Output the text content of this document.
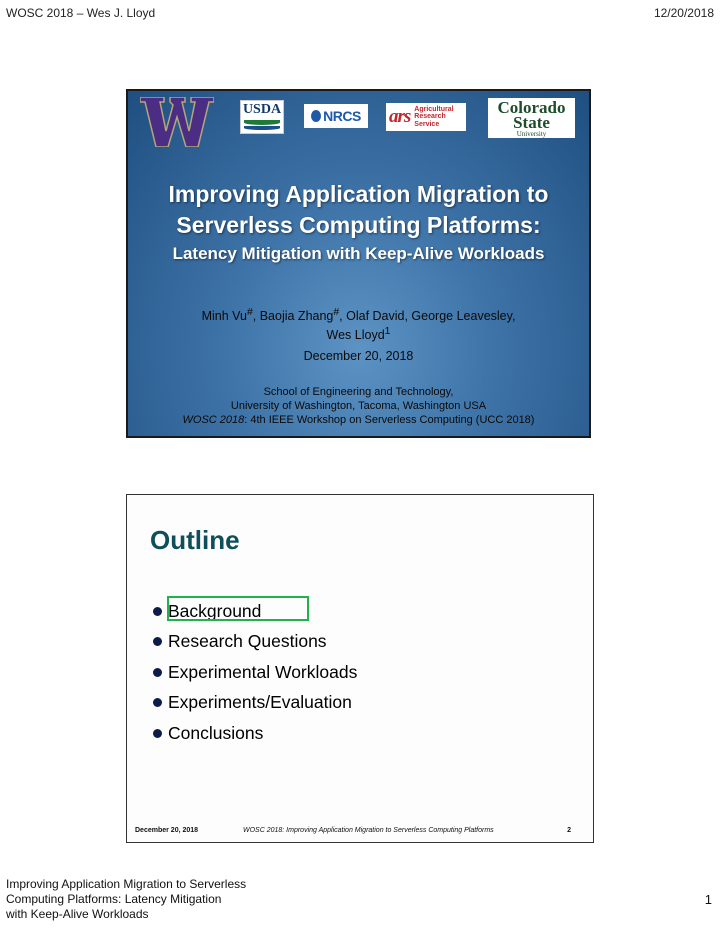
WOSC 2018 – Wes J. Lloyd	12/20/2018
USDA	NRCS ars Agricultural
Research
Service
Colorado
State
University
Improving Application Migration to
Serverless Computing Platforms:
Latency Mitigation with Keep-Alive Workloads
Minh Vu#, Baojia Zhang#, Olaf David, George Leavesley,
Wes Lloyd$^1$
December 20, 2018
School of Engineering and Technology,
University of Washington, Tacoma, Washington USA
WOSC 2018: 4th IEEE Workshop on Serverless Computing (UCC 2018)
Outline
Background
Research Questions
Experimental Workloads
Experiments/Evaluation
Conclusions
December 20, 2018	WOSC 2018: Improving Application Migration to Serverless Computing Platforms	2
Improving Application Migration to Serverless
Computing Platforms: Latency Mitigation
with Keep-Alive Workloads
1
